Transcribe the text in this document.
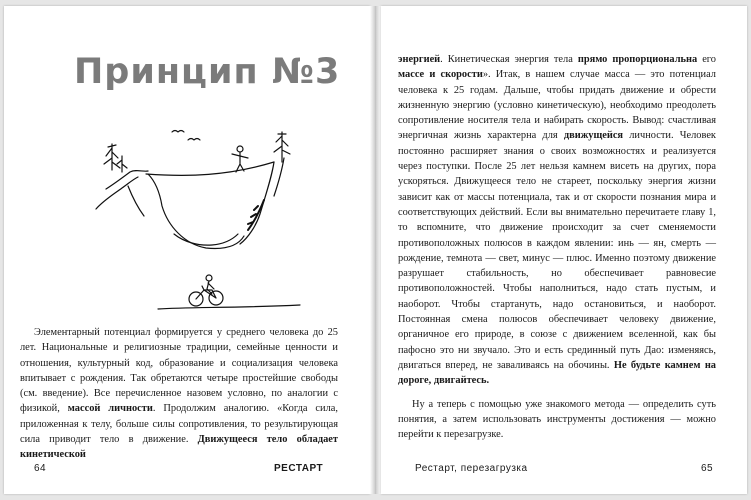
Принцип №3

Элементарный потенциал формируется у среднего человека до 25 лет. Национальные и религиозные традиции, семейные ценности и отношения, культурный код, образование и социализация человека впитывает с рождения. Так обретаются четыре простейшие свободы (см. введение). Все перечисленное назовем условно, по аналогии с физикой, массой личности. Продолжим аналогию. «Когда сила, приложенная к телу, больше силы сопротивления, то результирующая сила приводит тело в движение. Движущееся тело обладает кинетической

64	РЕСТАРТ

энергией. Кинетическая энергия тела прямо пропорциональна его массе и скорости». Итак, в нашем случае масса — это потенциал человека к 25 годам. Дальше, чтобы придать движение и обрести жизненную энергию (условно кинетическую), необходимо преодолеть сопротивление носителя тела и набирать скорость. Вывод: счастливая энергичная жизнь характерна для движущейся личности. Человек постоянно расширяет знания о своих возможностях и реализуется через поступки. После 25 лет нельзя камнем висеть на других, пора ускоряться. Движущееся тело не стареет, поскольку энергия жизни зависит как от массы потенциала, так и от скорости познания мира и соответствующих действий. Если вы внимательно перечитаете главу 1, то вспомните, что движение происходит за счет сменяемости противоположных полюсов в каждом явлении: инь — ян, смерть — рождение, темнота — свет, минус — плюс. Именно поэтому движение разрушает стабильность, но обеспечивает равновесие противоположностей. Чтобы наполниться, надо стать пустым, и наоборот. Чтобы стартануть, надо остановиться, и наоборот. Постоянная смена полюсов обеспечивает человеку движение, органичное его природе, в союзе с движением вселенной, как бы пафосно это ни звучало. Это и есть срединный путь Дао: изменяясь, двигаться вперед, не заваливаясь на обочины. Не будьте камнем на дороге, двигайтесь.

Ну а теперь с помощью уже знакомого метода — определить суть понятия, а затем использовать инструменты достижения — можно перейти к перезагрузке.

Рестарт, перезагрузка	65
